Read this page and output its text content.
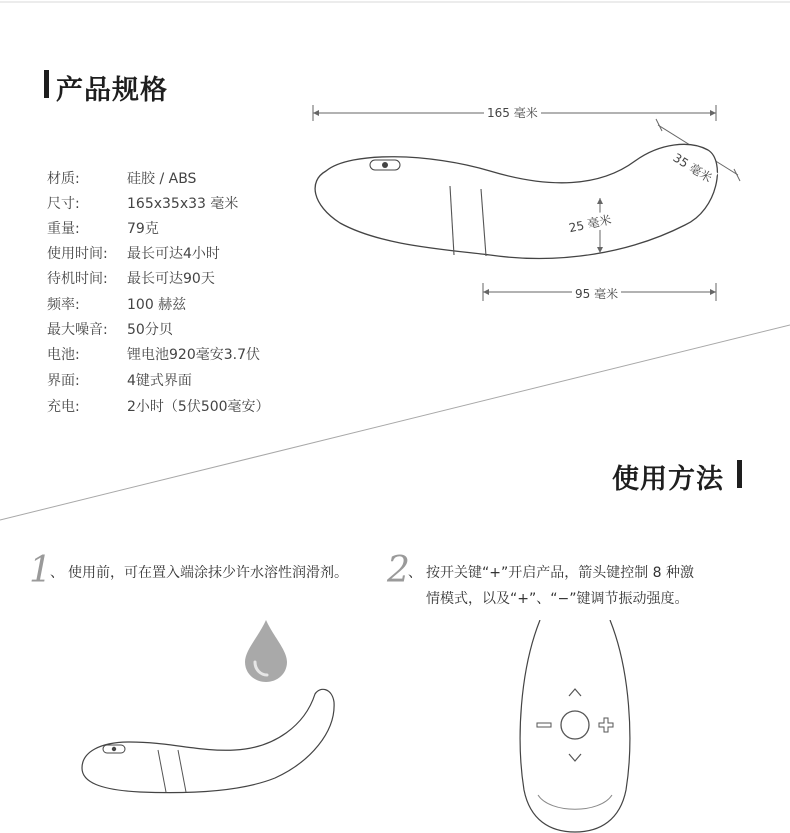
产品规格
材质:	硅胶 / ABS
尺寸:	165x35x33 毫米
重量:	79克
使用时间: 最长可达4小时
待机时间: 最长可达90天
频率:	100 赫兹
最大噪音: 50分贝
电池:	锂电池920毫安3.7伏
界面:	4键式界面
充电:	2小时（5伏500毫安）
165 毫米
35 毫米
25 毫米
95 毫米
使用方法
1
、 使用前，可在置入端涂抹少许水溶性润滑剂。 2
、 按开关键“+”开启产品，箭头键控制 8 种激
情模式，以及“+”、“−”键调节振动强度。
